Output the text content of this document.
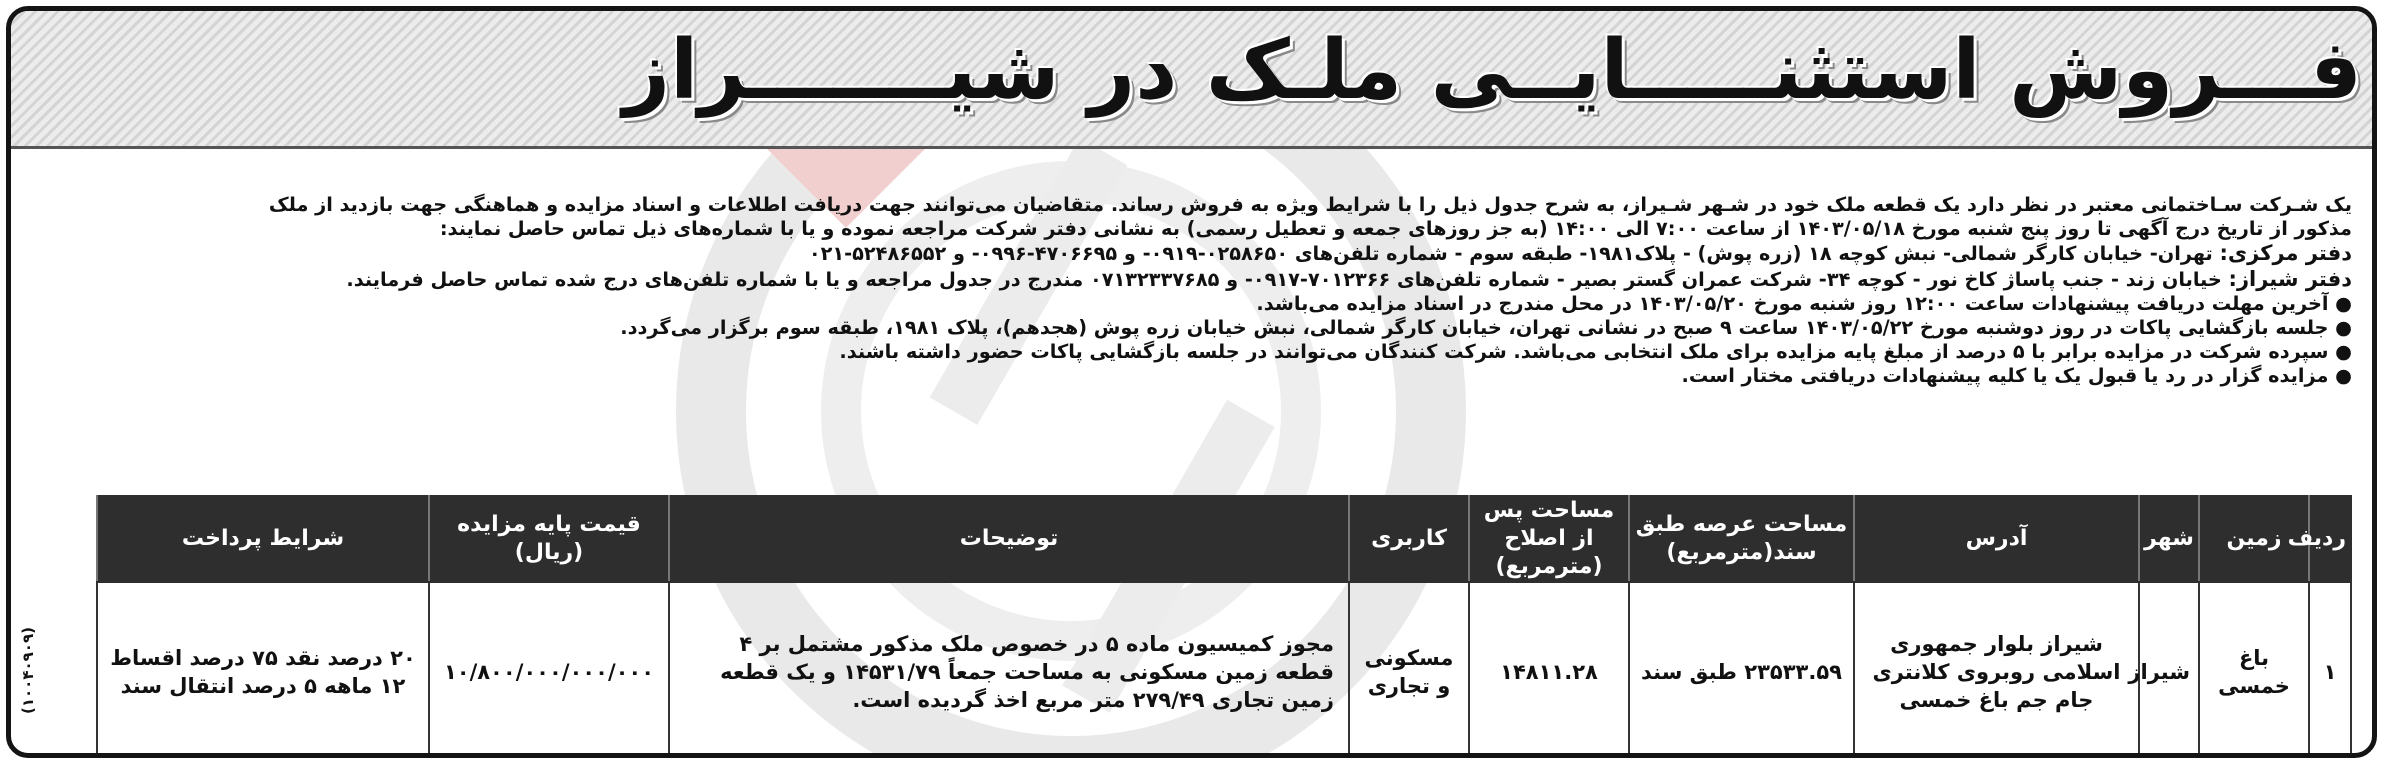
فـــروش استثنـــــایــی ملـک در شیـــــــراز

یک شـرکت سـاختمانی معتبر در نظر دارد یک قطعه ملک خود در شـهر شـیراز، به شرح جدول ذیل را با شرایط ویژه به فروش رساند. متقاضیان می‌توانند جهت دریافت اطلاعات و اسناد مزایده و هماهنگی جهت بازدید از ملک

مذکور از تاریخ درج آگهی تا روز پنج شنبه مورخ ۱۴۰۳/۰۵/۱۸ از ساعت ۷:۰۰ الی ۱۴:۰۰ (به جز روزهای جمعه و تعطیل رسمی) به نشانی دفتر شرکت مراجعه نموده و یا با شماره‌های ذیل تماس حاصل نمایند:

دفتر مرکزی: تهران- خیابان کارگر شمالی- نبش کوچه ۱۸ (زره پوش) - پلاک۱۹۸۱- طبقه سوم - شماره تلفن‌های ۰۲۵۸۶۵۰-۰۹۱۹- و ۴۷۰۶۶۹۵-۰۹۹۶- و ۵۲۴۸۶۵۵۲-۰۲۱

دفتر شیراز: خیابان زند - جنب پاساژ کاخ نور - کوچه ۳۴- شرکت عمران گستر بصیر - شماره تلفن‌های ۷۰۱۲۳۶۶-۰۹۱۷- و ۰۷۱۳۲۳۳۷۶۸۵ مندرج در جدول مراجعه و یا با شماره تلفن‌های درج شده تماس حاصل فرمایند.

● آخرین مهلت دریافت پیشنهادات ساعت ۱۲:۰۰ روز شنبه مورخ ۱۴۰۳/۰۵/۲۰ در محل مندرج در اسناد مزایده می‌باشد.

● جلسه بازگشایی پاکات در روز دوشنبه مورخ ۱۴۰۳/۰۵/۲۲ ساعت ۹ صبح در نشانی تهران، خیابان کارگر شمالی، نبش خیابان زره پوش (هجدهم)، پلاک ۱۹۸۱، طبقه سوم برگزار می‌گردد.

● سپرده شرکت در مزایده برابر با ۵ درصد از مبلغ پایه مزایده برای ملک انتخابی می‌باشد. شرکت کنندگان می‌توانند در جلسه بازگشایی پاکات حضور داشته باشند.

● مزایده گزار در رد یا قبول یک یا کلیه پیشنهادات دریافتی مختار است.

ردیف	زمین	شهر	آدرس	مساحت عرصه طبق سند(مترمربع)	مساحت پس از اصلاح (مترمربع)	کاربری	توضیحات	قیمت پایه مزایده (ریال)	شرایط پرداخت
۱	باغ خمسی	شیراز	شیراز بلوار جمهوری اسلامی روبروی کلانتری جام جم باغ خمسی	۲۳۵۳۳.۵۹ طبق سند	۱۴۸۱۱.۲۸	مسکونی و تجاری	مجوز کمیسیون ماده ۵ در خصوص ملک مذکور مشتمل بر ۴ قطعه زمین مسکونی به مساحت جمعاً ۱۴۵۳۱/۷۹ و یک قطعه زمین تجاری ۲۷۹/۴۹ متر مربع اخذ گردیده است.	۱۰/۸۰۰/۰۰۰/۰۰۰/۰۰۰	۲۰ درصد نقد ۷۵ درصد اقساط ۱۲ ماهه ۵ درصد انتقال سند
(۱۰۰۴۰۹۰۹)
